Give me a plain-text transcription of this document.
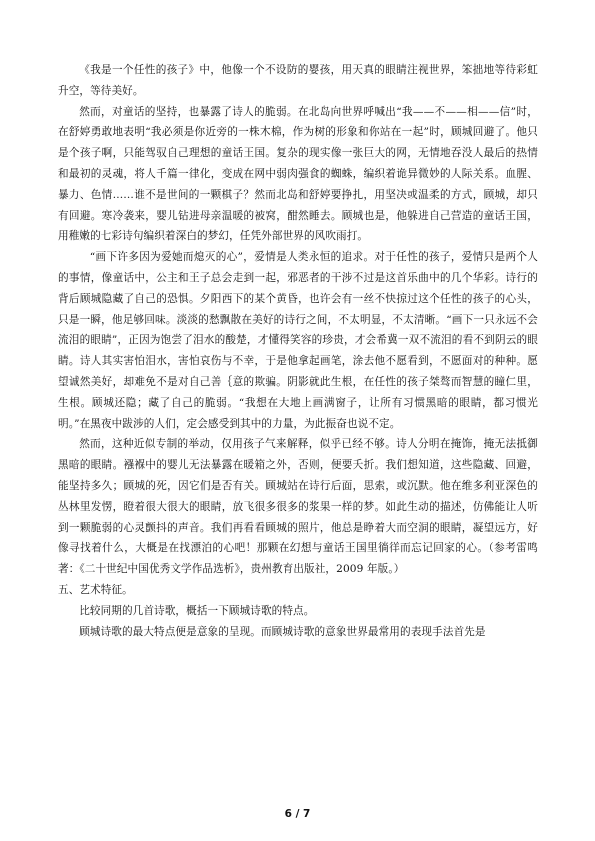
《我是一个任性的孩子》中，他像一个不设防的婴孩，用天真的眼睛注视世界，笨拙地等待彩虹升空，等待美好。

然而，对童话的坚持，也暴露了诗人的脆弱。在北岛向世界呼喊出“我——不——相——信”时，在舒婷勇敢地表明“我必须是你近旁的一株木棉，作为树的形象和你站在一起”时，顾城回避了。他只是个孩子啊，只能驾驭自己理想的童话王国。复杂的现实像一张巨大的网，无情地吞没人最后的热情和最初的灵魂，将人千篇一律化，变成在网中弱肉强食的蜘蛛，编织着诡异微妙的人际关系。血腥、暴力、色情……谁不是世间的一颗棋子？然而北岛和舒婷要挣扎，用坚决或温柔的方式，顾城，却只有回避。寒冷袭来，婴儿钻进母亲温暖的被窝，酣然睡去。顾城也是，他躲进自己营造的童话王国，用稚嫩的七彩诗句编织着深白的梦幻，任凭外部世界的风吹雨打。

“画下许多因为爱她而熄灭的心”，爱情是人类永恒的追求。对于任性的孩子，爱情只是两个人的事情，像童话中，公主和王子总会走到一起，邪恶者的干涉不过是这首乐曲中的几个华彩。诗行的背后顾城隐藏了自己的恐惧。夕阳西下的某个黄昏，也许会有一丝不快掠过这个任性的孩子的心头，只是一瞬，他足够回味。淡淡的愁飘散在美好的诗行之间，不太明显，不太清晰。“画下一只永远不会流泪的眼睛”，正因为饱尝了泪水的酸楚，才懂得笑容的珍贵，才会希冀一双不流泪的看不到阴云的眼睛。诗人其实害怕泪水，害怕哀伤与不幸，于是他拿起画笔，涂去他不愿看到，不愿面对的种种。愿望诚然美好，却难免不是对自己善｛意的欺骗。阴影就此生根，在任性的孩子桀骜而智慧的瞳仁里，生根。顾城还隐；藏了自己的脆弱。“我想在大地上画满窗子，让所有习惯黑暗的眼睛，都习惯光明。”在黑夜中跋涉的人们，定会感受到其中的力量，为此振奋也说不定。

然而，这种近似专制的举动，仅用孩子气来解释，似乎已经不够。诗人分明在掩饰，掩无法抵御黑暗的眼睛。襁褓中的婴儿无法暴露在暖箱之外，否则，便要夭折。我们想知道，这些隐藏、回避，能坚持多久；顾城的死，因它们是否有关。顾城站在诗行后面，思索，或沉默。他在维多利亚深色的丛林里发愣，瞪着很大很大的眼睛，放飞很多很多的浆果一样的梦。如此生动的描述，仿佛能让人听到一颗脆弱的心灵颤抖的声音。我们再看看顾城的照片，他总是睁着大而空洞的眼睛，凝望远方，好像寻找着什么，大概是在找漂泊的心吧！那颗在幻想与童话王国里徜徉而忘记回家的心。（参考雷鸣著：《二十世纪中国优秀文学作品选析》，贵州教育出版社，2009 年版。）

五、艺术特征。

比较同期的几首诗歌，概括一下顾城诗歌的特点。

顾城诗歌的最大特点便是意象的呈现。而顾城诗歌的意象世界最常用的表现手法首先是

6 / 7
